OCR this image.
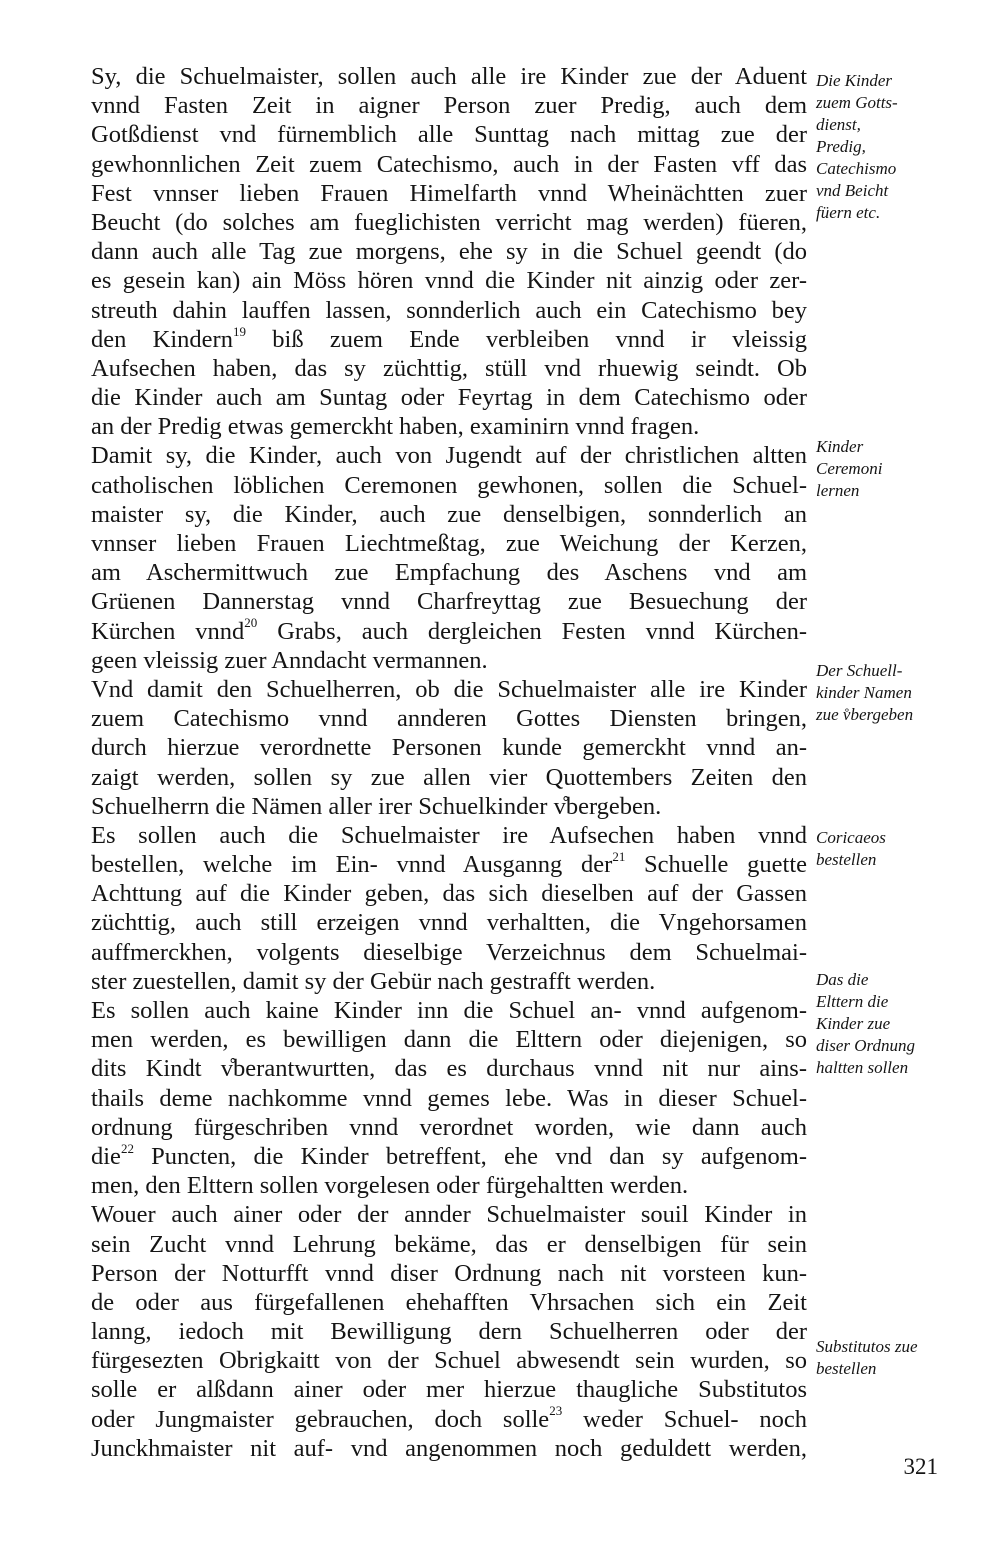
Sy, die Schuelmaister, sollen auch alle ire Kinder zue der Aduent
vnnd Fasten Zeit in aigner Person zuer Predig, auch dem
Gotßdienst vnd fürnemblich alle Sunttag nach mittag zue der
gewhonnlichen Zeit zuem Catechismo, auch in der Fasten vff das
Fest vnnser lieben Frauen Himelfarth vnnd Wheinächtten zuer
Beucht (do solches am fueglichisten verricht mag werden) füeren,
dann auch alle Tag zue morgens, ehe sy in die Schuel geendt (do
es gesein kan) ain Möss hören vnnd die Kinder nit ainzig oder zer-
streuth dahin lauffen lassen, sonnderlich auch ein Catechismo bey
den Kindern$^{19}$ biß zuem Ende verbleiben vnnd ir vleissig
Aufsechen haben, das sy züchttig, stüll vnd rhuewig seindt. Ob
die Kinder auch am Suntag oder Feyrtag in dem Catechismo oder
an der Predig etwas gemerckht haben, examinirn vnnd fragen.
Damit sy, die Kinder, auch von Jugendt auf der christlichen altten
catholischen löblichen Ceremonen gewhonen, sollen die Schuel-
maister sy, die Kinder, auch zue denselbigen, sonnderlich an
vnnser lieben Frauen Liechtmeßtag, zue Weichung der Kerzen,
am Aschermittwuch zue Empfachung des Aschens vnd am
Grüenen Dannerstag vnnd Charfreyttag zue Besuechung der
Kürchen vnnd$^{20}$ Grabs, auch dergleichen Festen vnnd Kürchen-
geen vleissig zuer Anndacht vermannen.
Vnd damit den Schuelherren, ob die Schuelmaister alle ire Kinder
zuem Catechismo vnnd annderen Gottes Diensten bringen,
durch hierzue verordnette Personen kunde gemerckht vnnd an-
zaigt werden, sollen sy zue allen vier Quottembers Zeiten den
Schuelherrn die Nämen aller irer Schuelkinder v̊bergeben.
Es sollen auch die Schuelmaister ire Aufsechen haben vnnd
bestellen, welche im Ein- vnnd Ausganng der$^{21}$ Schuelle guette
Achttung auf die Kinder geben, das sich dieselben auf der Gassen
züchttig, auch still erzeigen vnnd verhaltten, die Vngehorsamen
auffmerckhen, volgents dieselbige Verzeichnus dem Schuelmai-
ster zuestellen, damit sy der Gebür nach gestrafft werden.
Es sollen auch kaine Kinder inn die Schuel an- vnnd aufgenom-
men werden, es bewilligen dann die Elttern oder diejenigen, so
dits Kindt v̊berantwurtten, das es durchaus vnnd nit nur ains-
thails deme nachkomme vnnd gemes lebe. Was in dieser Schuel-
ordnung fürgeschriben vnnd verordnet worden, wie dann auch
die$^{22}$ Puncten, die Kinder betreffent, ehe vnd dan sy aufgenom-
men, den Elttern sollen vorgelesen oder fürgehaltten werden.
Wouer auch ainer oder der annder Schuelmaister souil Kinder in
sein Zucht vnnd Lehrung bekäme, das er denselbigen für sein
Person der Notturfft vnnd diser Ordnung nach nit vorsteen kun-
de oder aus fürgefallenen ehehafften Vhrsachen sich ein Zeit
lanng, iedoch mit Bewilligung dern Schuelherren oder der
fürgesezten Obrigkaitt von der Schuel abwesendt sein wurden, so
solle er alßdann ainer oder mer hierzue thaugliche Substitutos
oder Jungmaister gebrauchen, doch solle$^{23}$ weder Schuel- noch
Junckhmaister nit auf- vnd angenommen noch geduldett werden,
Die Kinder
zuem Gotts-
dienst,
Predig,
Catechismo
vnd Beicht
füern etc.
Kinder
Ceremoni
lernen
Der Schuell-
kinder Namen
zue v̊bergeben
Coricaeos
bestellen
Das die
Elttern die
Kinder zue
diser Ordnung
haltten sollen
Substitutos zue
bestellen
321
